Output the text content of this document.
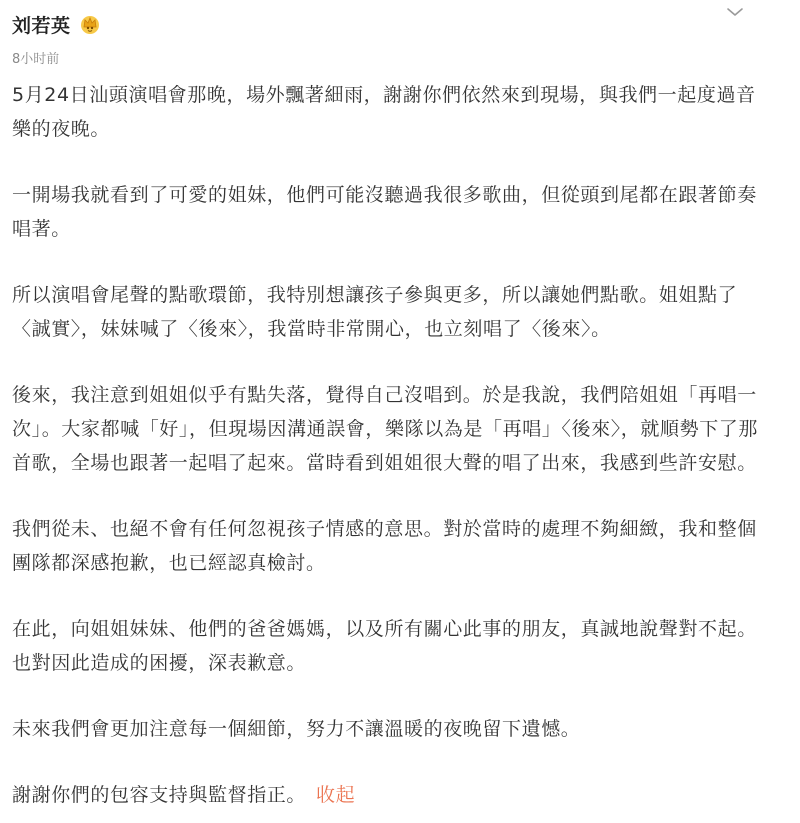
刘若英
8小时前

5月24日汕頭演唱會那晚，場外飄著細雨，謝謝你們依然來到現場，與我們一起度過音樂的夜晚。

一開場我就看到了可愛的姐妹，他們可能沒聽過我很多歌曲，但從頭到尾都在跟著節奏唱著。

所以演唱會尾聲的點歌環節，我特別想讓孩子參與更多，所以讓她們點歌。姐姐點了〈誠實〉，妹妹喊了〈後來〉，我當時非常開心，也立刻唱了〈後來〉。

後來，我注意到姐姐似乎有點失落，覺得自己沒唱到。於是我說，我們陪姐姐「再唱一次」。大家都喊「好」，但現場因溝通誤會，樂隊以為是「再唱」〈後來〉，就順勢下了那首歌，全場也跟著一起唱了起來。當時看到姐姐很大聲的唱了出來，我感到些許安慰。

我們從未、也絕不會有任何忽視孩子情感的意思。對於當時的處理不夠細緻，我和整個團隊都深感抱歉，也已經認真檢討。

在此，向姐姐妹妹、他們的爸爸媽媽，以及所有關心此事的朋友，真誠地說聲對不起。也對因此造成的困擾，深表歉意。

未來我們會更加注意每一個細節，努力不讓溫暖的夜晚留下遺憾。

謝謝你們的包容支持與監督指正。 收起
